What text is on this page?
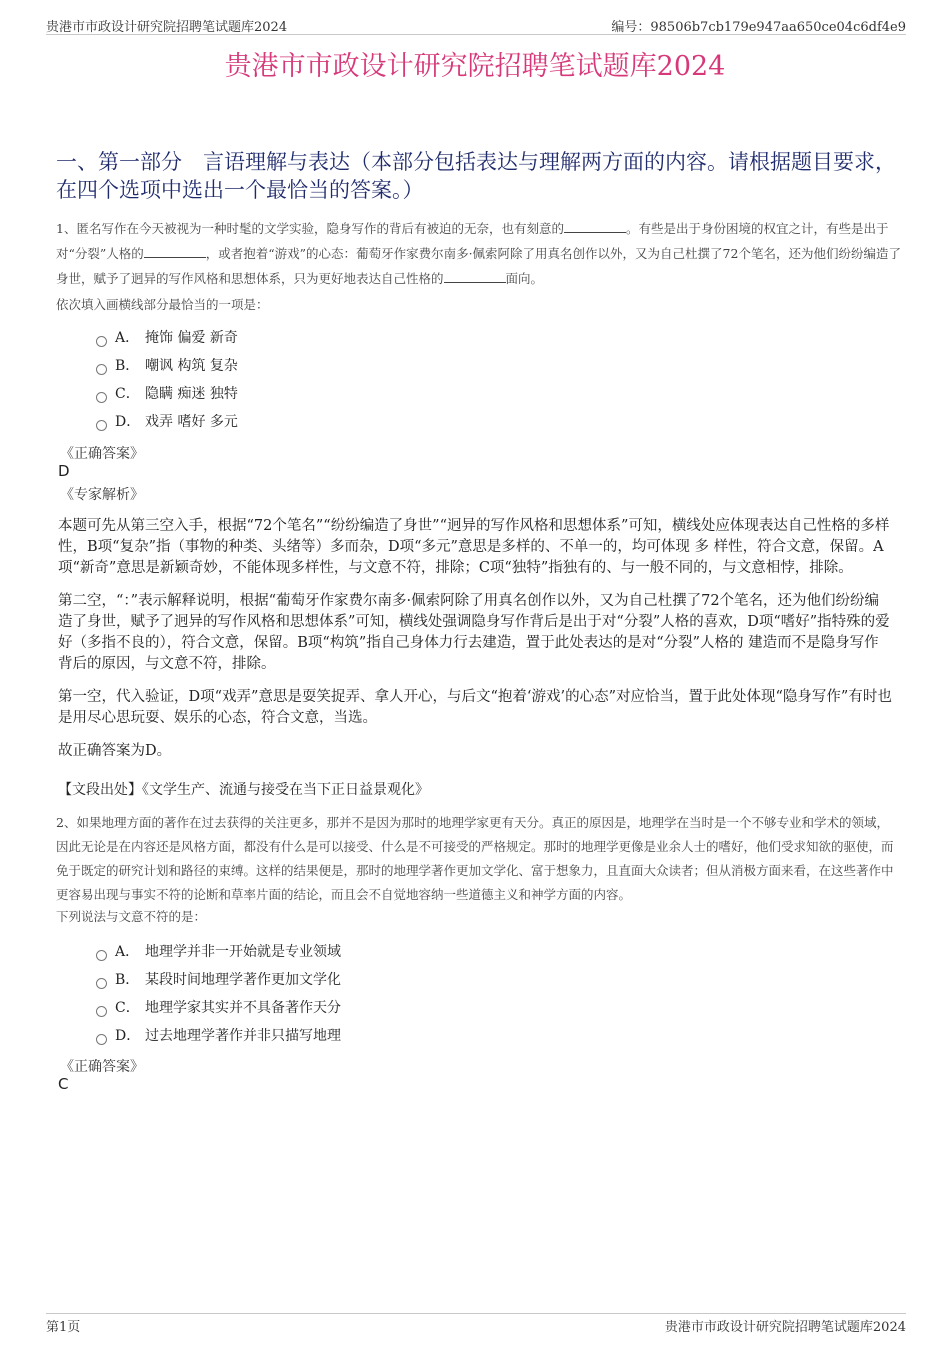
贵港市市政设计研究院招聘笔试题库2024	编号：98506b7cb179e947aa650ce04c6df4e9
贵港市市政设计研究院招聘笔试题库2024
一、第一部分　言语理解与表达（本部分包括表达与理解两方面的内容。请根据题目要求，在四个选项中选出一个最恰当的答案。）
1、匿名写作在今天被视为一种时髦的文学实验，隐身写作的背后有被迫的无奈，也有刻意的	。有些是出于身份困境的权宜之计，有些是出于对“分裂”人格的	，或者抱着“游戏”的心态：葡萄牙作家费尔南多·佩索阿除了用真名创作以外，又为自己杜撰了72个笔名，还为他们纷纷编造了身世，赋予了迥异的写作风格和思想体系，只为更好地表达自己性格的	面向。
依次填入画横线部分最恰当的一项是：
A． 掩饰 偏爱 新奇
B． 嘲讽 构筑 复杂
C． 隐瞒 痴迷 独特
D． 戏弄 嗜好 多元
《正确答案》
D
《专家解析》

本题可先从第三空入手，根据“72个笔名”“纷纷编造了身世”“迥异的写作风格和思想体系”可知，横线处应体现表达自己性格的多样性，B项“复杂”指（事物的种类、头绪等）多而杂，D项“多元”意思是多样的、不单一的，均可体现 多 样性，符合文意，保留。A项“新奇”意思是新颖奇妙，不能体现多样性，与文意不符，排除；C项“独特”指独有的、与一般不同的，与文意相悖，排除。

第二空，“：”表示解释说明，根据“葡萄牙作家费尔南多·佩索阿除了用真名创作以外，又为自己杜撰了72个笔名，还为他们纷纷编造了身世，赋予了迥异的写作风格和思想体系”可知，横线处强调隐身写作背后是出于对“分裂”人格的喜欢，D项“嗜好”指特殊的爱好（多指不良的），符合文意，保留。B项“构筑”指自己身体力行去建造，置于此处表达的是对“分裂”人格的 建造而不是隐身写作背后的原因，与文意不符，排除。

第一空，代入验证，D项“戏弄”意思是耍笑捉弄、拿人开心，与后文“抱着‘游戏’的心态”对应恰当，置于此处体现“隐身写作”有时也是用尽心思玩耍、娱乐的心态，符合文意，当选。

故正确答案为D。

【文段出处】《文学生产、流通与接受在当下正日益景观化》
2、如果地理方面的著作在过去获得的关注更多，那并不是因为那时的地理学家更有天分。真正的原因是，地理学在当时是一个不够专业和学术的领域，因此无论是在内容还是风格方面，都没有什么是可以接受、什么是不可接受的严格规定。那时的地理学更像是业余人士的嗜好，他们受求知欲的驱使，而免于既定的研究计划和路径的束缚。这样的结果便是，那时的地理学著作更加文学化、富于想象力，且直面大众读者；但从消极方面来看，在这些著作中更容易出现与事实不符的论断和草率片面的结论，而且会不自觉地容纳一些道德主义和神学方面的内容。
下列说法与文意不符的是：
A． 地理学并非一开始就是专业领域
B． 某段时间地理学著作更加文学化
C． 地理学家其实并不具备著作天分
D． 过去地理学著作并非只描写地理
《正确答案》
C
第1页	贵港市市政设计研究院招聘笔试题库2024
